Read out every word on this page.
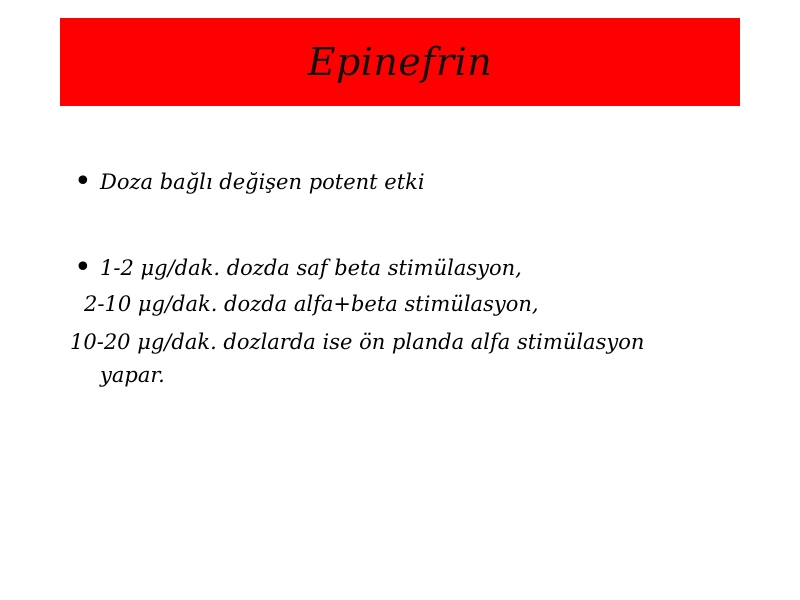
Epinefrin
• Doza bağlı değişen potent etki
• 1-2 μg/dak. dozda saf beta stimülasyon,
2-10 μg/dak. dozda alfa+beta stimülasyon,
10-20 μg/dak. dozlarda ise ön planda alfa stimülasyon
yapar.
